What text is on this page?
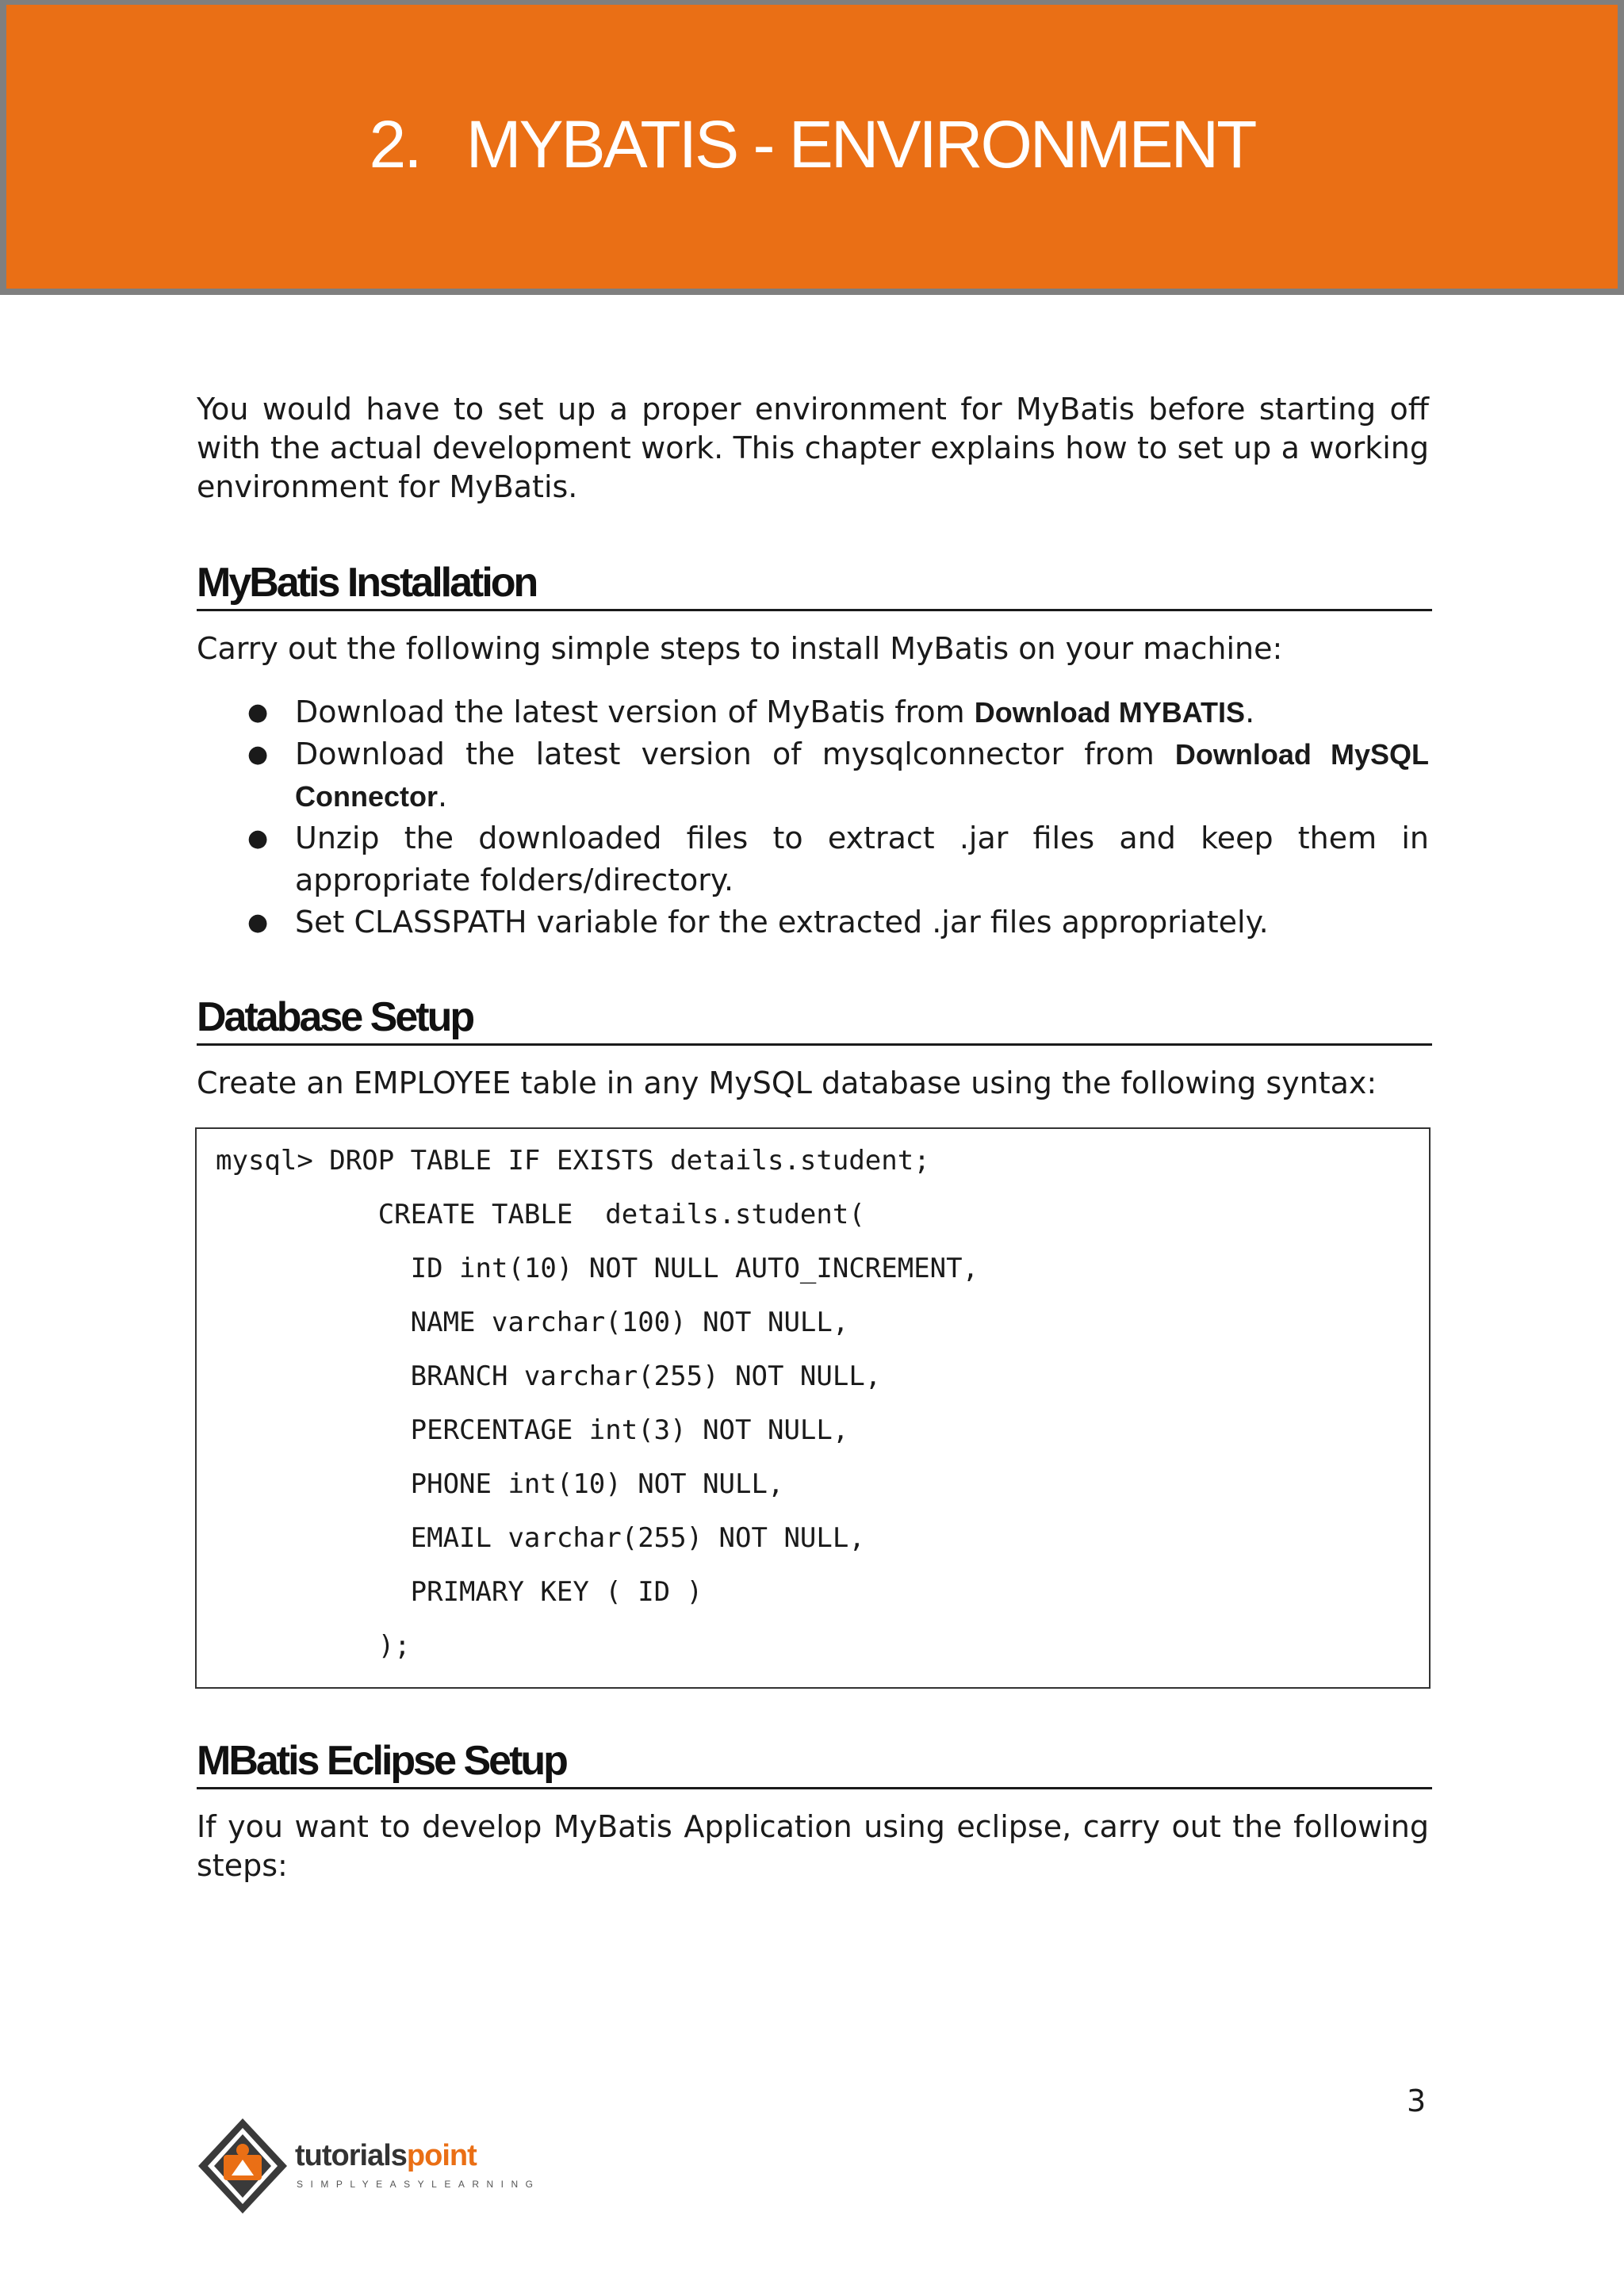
2. MYBATIS - ENVIRONMENT

You would have to set up a proper environment for MyBatis before starting off with the actual development work. This chapter explains how to set up a working environment for MyBatis.

MyBatis Installation

Carry out the following simple steps to install MyBatis on your machine:

● Download the latest version of MyBatis from Download MYBATIS.
● Download the latest version of mysqlconnector from Download MySQL Connector.
● Unzip the downloaded files to extract .jar files and keep them in appropriate folders/directory.
● Set CLASSPATH variable for the extracted .jar files appropriately.
Database Setup

Create an EMPLOYEE table in any MySQL database using the following syntax:

mysql> DROP TABLE IF EXISTS details.student;
CREATE TABLE  details.student(
ID int(10) NOT NULL AUTO_INCREMENT,
NAME varchar(100) NOT NULL,
BRANCH varchar(255) NOT NULL,
PERCENTAGE int(3) NOT NULL,
PHONE int(10) NOT NULL,
EMAIL varchar(255) NOT NULL,
PRIMARY KEY ( ID )
);
MBatis Eclipse Setup

If you want to develop MyBatis Application using eclipse, carry out the following steps:

3
tutorialspoint
SIMPLYEASYLEARNING
